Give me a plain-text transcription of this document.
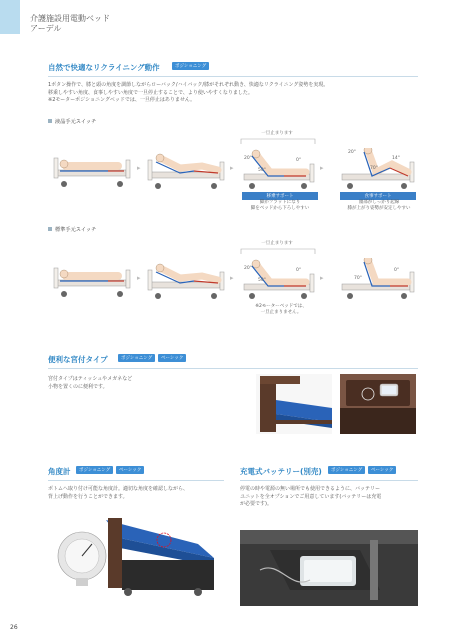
介護施設用電動ベッド
アーデル
自然で快適なリクライニング動作	ポジショニング
1ボタン操作で、膝と頭の角度を調節しながらローバック/ハイバック/膝がそれぞれ動き、快適なリクライニング姿勢を実現。
移乗しやすい角度、食事しやすい角度で一旦停止することで、より使いやすくなりました。
※2モーターポジショニングベッドでは、一旦停止はありません。
液晶手元スイッチ
一旦止まります
▸	▸
20°	0°
50°	▸
20°
14°
70°
移乗サポート
脚がフラットになり
脚をベッドから下ろしやすい
食事サポート
頭部がしっかり起線
膝が上がり姿勢が安定しやすい
標準手元スイッチ
一旦止まります
▸	▸
20°	0°
50°	▸
0°
70°
※2モーターベッドでは、
一旦止まりません。
便利な宮付タイプ	ポジショニング	ベーシック
宮付タイプはティッシュやメガネなど
小物を置くのに便利です。
角度計	ポジショニング	ベーシック
ボトムへ取り付け可能な角度計。適切な角度を確認しながら、
背上げ動作を行うことができます。
充電式バッテリー(別売)	ポジショニング	ベーシック
停電の時や電源の無い場所でも使用できるように、バッテリー
ユニットを全オプションでご用意しています(バッテリーは充電
が必要です)。
26
